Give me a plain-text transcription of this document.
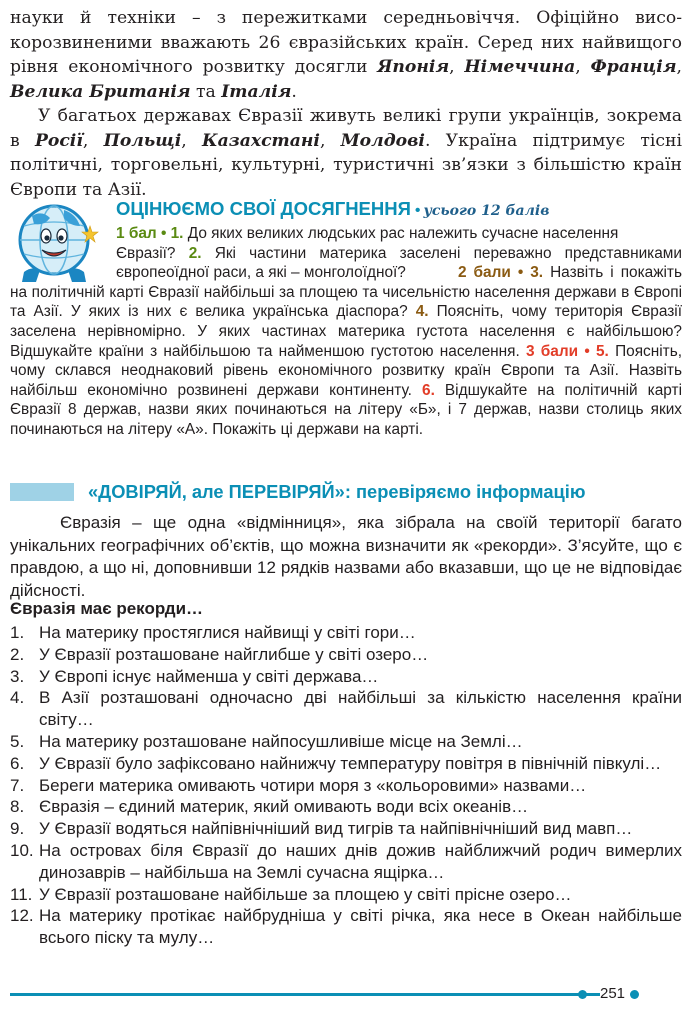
науки й техніки – з пережитками середньовіччя. Офіційно високорозвиненими вважають 26 євразійських країн. Серед них найвищого рівня економічного розвитку досягли Японія, Німеччина, Франція, Велика Британія та Італія.

У багатьох державах Євразії живуть великі групи українців, зокрема в Росії, Польщі, Казахстані, Молдові. Україна підтримує тісні політичні, торговельні, культурні, туристичні зв’язки з більшістю країн Європи та Азії.

ОЦІНЮЄМО СВОЇ ДОСЯГНЕННЯ • усього 12 балів
1 бал • 1. До яких великих людських рас належить сучасне населення
Євразії? 2. Які частини материка заселені переважно представниками європеоїдної раси, а які – монголоїдної?	2 бали • 3. Назвіть і покажіть на політичній карті Євразії найбільші за площею та чисельністю населення держави в Європі та Азії. У яких із них є велика українська діаспора? 4. Поясніть, чому територія Євразії заселена нерівномірно. У яких частинах материка густота населення є найбільшою? Відшукайте країни з найбільшою та найменшою густотою населення. 3 бали • 5. Поясніть, чому склався неоднаковий рівень економічного розвитку країн Європи та Азії. Назвіть найбільш економічно розвинені держави континенту. 6. Відшукайте на політичній карті Євразії 8 держав, назви яких починаються на літеру «Б», і 7 держав, назви столиць яких починаються на літеру «А». Покажіть ці держави на карті.
«ДОВІРЯЙ, але ПЕРЕВІРЯЙ»: перевіряємо інформацію

Євразія – ще одна «відмінниця», яка зібрала на своїй території багато унікальних географічних об’єктів, що можна визначити як «рекорди». З’ясуйте, що є правдою, а що ні, доповнивши 12 рядків назвами або вказавши, що це не відповідає дійсності.

Євразія має рекорди…

1. На материку простяглися найвищі у світі гори…
2. У Євразії розташоване найглибше у світі озеро…
3. У Європі існує найменша у світі держава…
4. В Азії розташовані одночасно дві найбільші за кількістю населення країни світу…
5. На материку розташоване найпосушливіше місце на Землі…
6. У Євразії було зафіксовано найнижчу температуру повітря в північній півкулі…
7. Береги материка омивають чотири моря з «кольоровими» назвами…
8. Євразія – єдиний материк, який омивають води всіх океанів…
9. У Євразії водяться найпівнічніший вид тигрів та найпівнічніший вид мавп…
10. На островах біля Євразії до наших днів дожив найближчий родич вимерлих динозаврів – найбільша на Землі сучасна ящірка…
11. У Євразії розташоване найбільше за площею у світі прісне озеро…
12. На материку протікає найбрудніша у світі річка, яка несе в Океан найбільше всього піску та мулу…
251
